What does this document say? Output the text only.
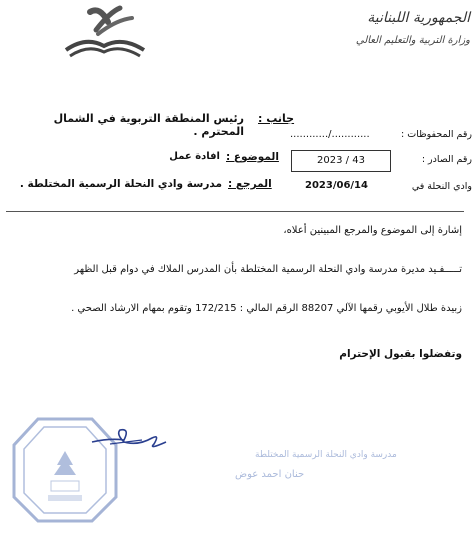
الجمهورية اللبنانية
وزارة التربية والتعليم العالي
جانب :
رئيس المنطقة التربوية في الشمال المحترم .	رقم المحفوظات :
............/............
الموضوع :
افادة عمل	رقم الصادر :
2023 / 43
المرجع :
مدرسة وادي النحلة الرسمية المختلطة .	وادي النحلة في
2023/06/14
إشارة إلى الموضوع والمرجع المبينين أعلاه،
تـــــفـيد مديرة مدرسة وادي النحلة الرسمية المختلطة بأن المدرس الملاك في دوام قبل الظهر
زبيدة طلال الأيوبي رقمها الآلي 88207 الرقم المالي : 172/215 وتقوم بمهام الارشاد الصحي .
وتفضلوا بقبول الإحترام
مدرسة وادي النحلة الرسمية المختلطة
حنان احمد عوض
